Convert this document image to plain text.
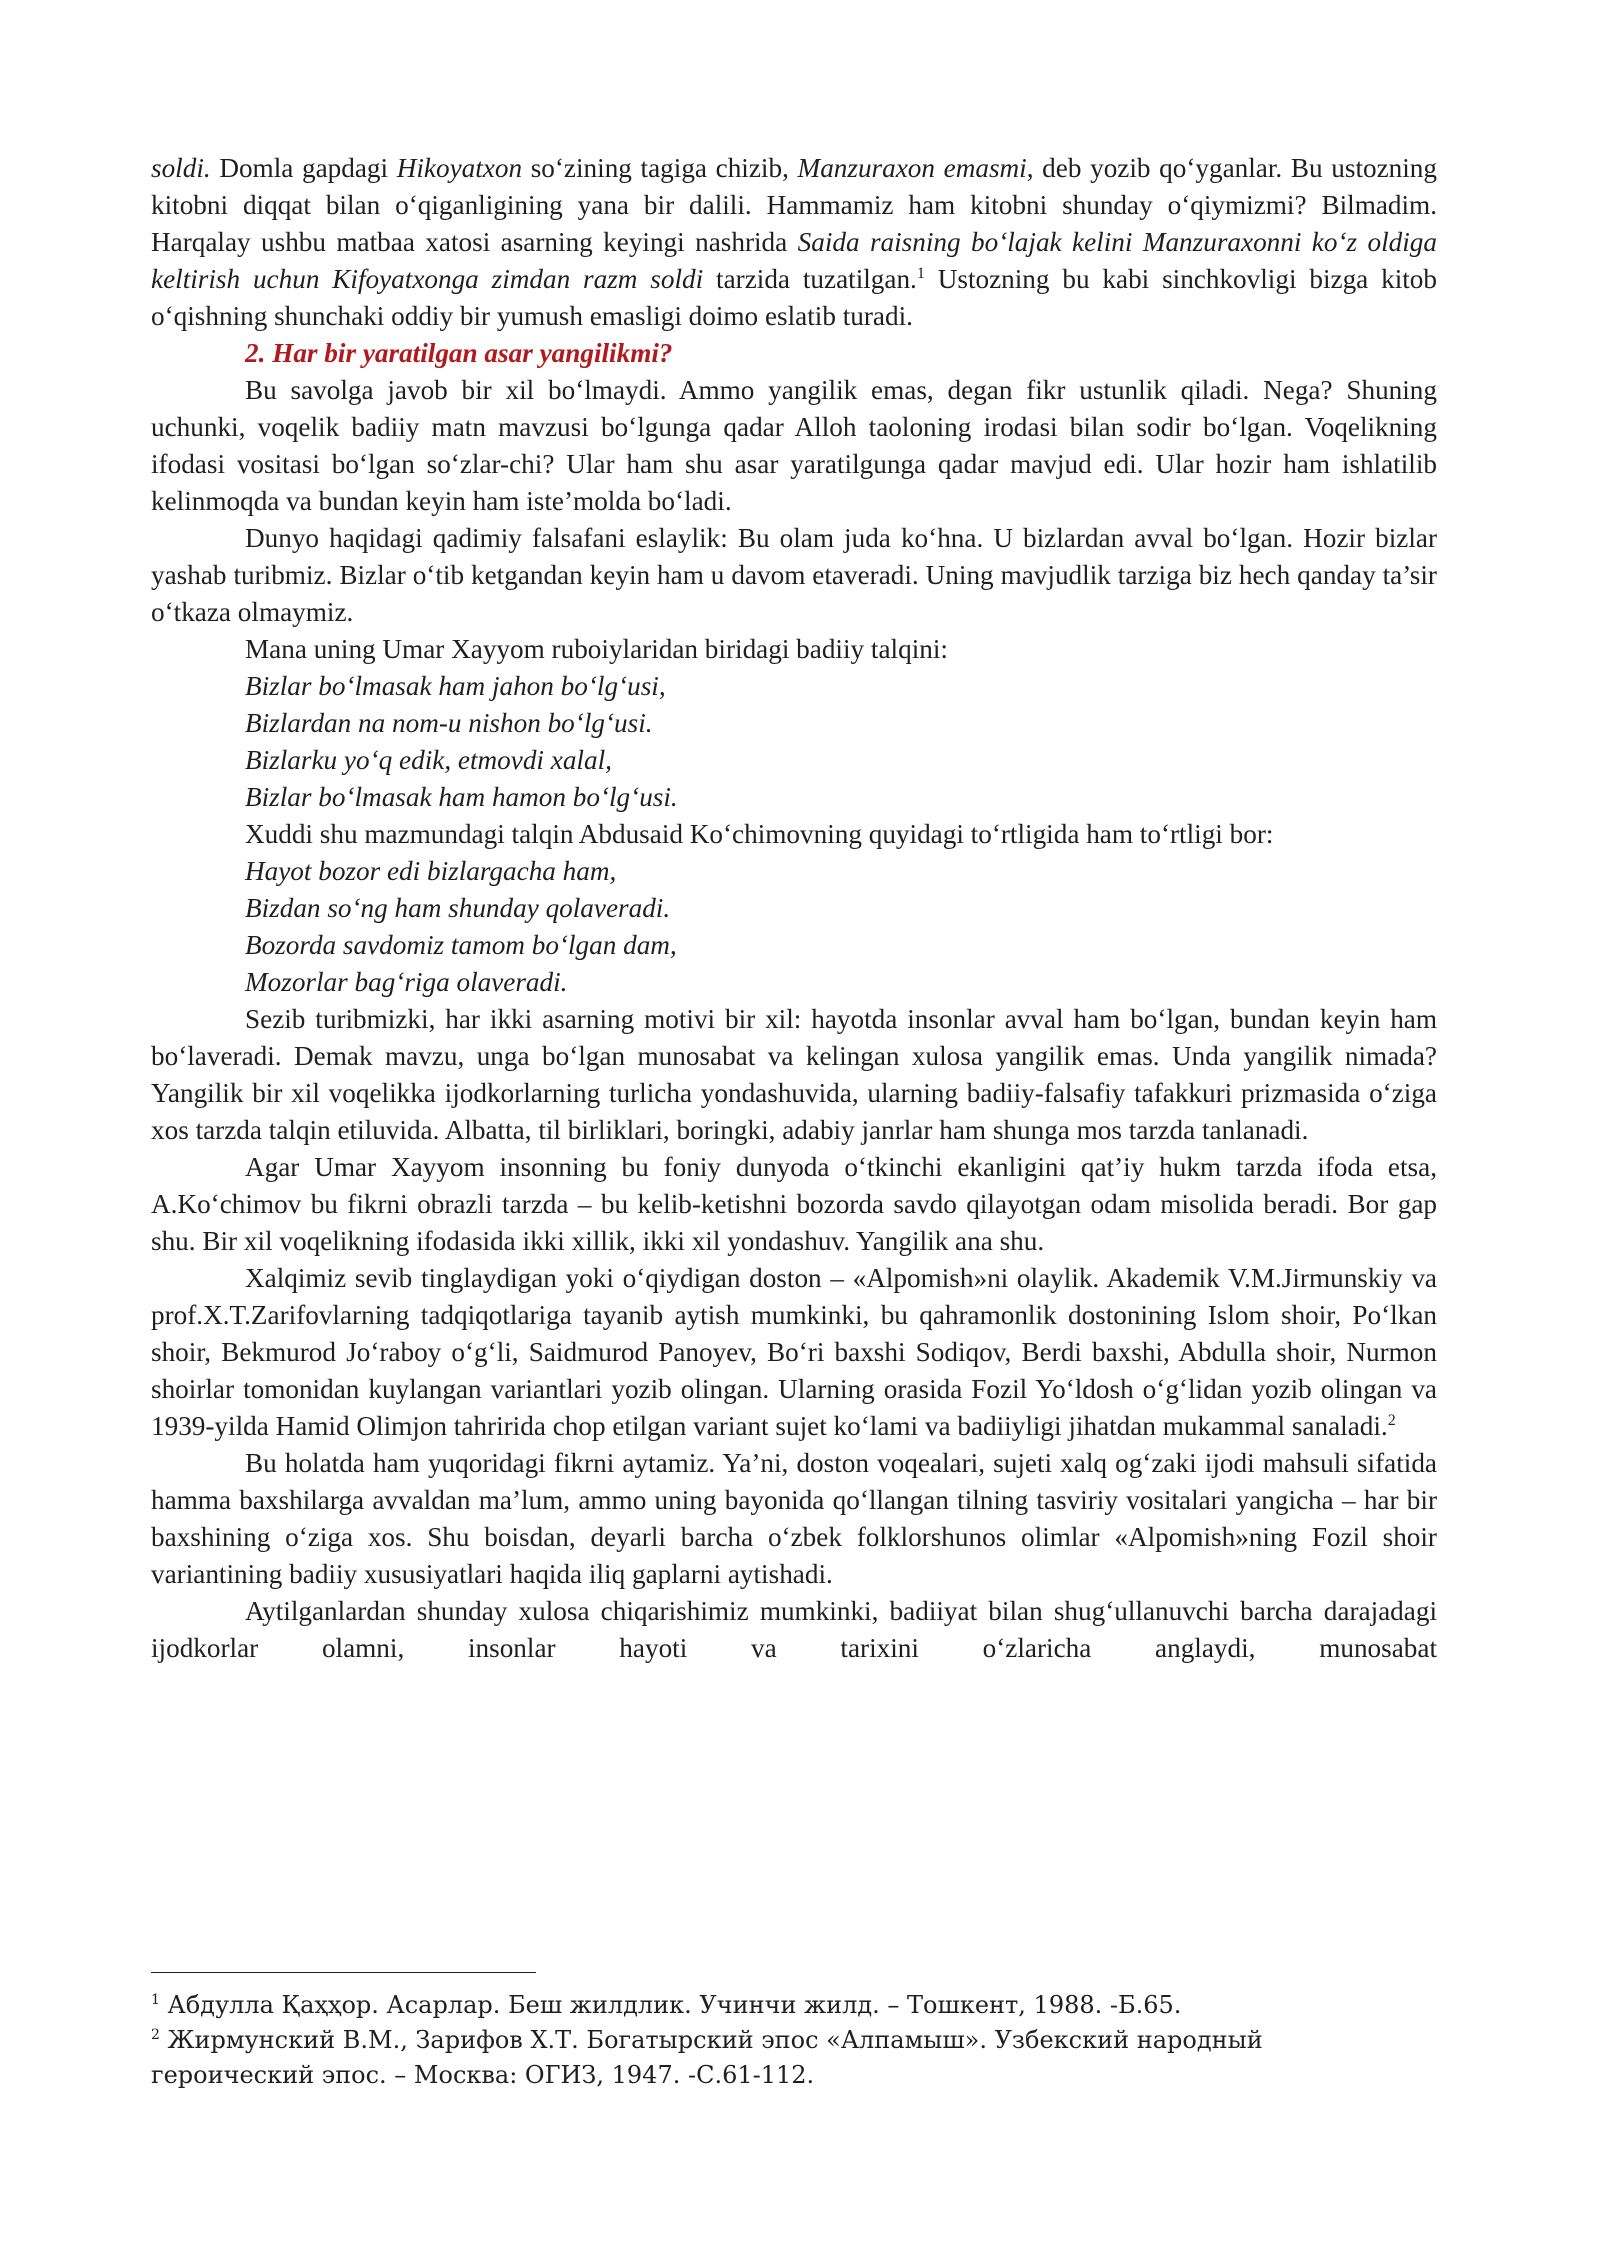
soldi. Domla gapdagi Hikoyatxon so‘zining tagiga chizib, Manzuraxon emasmi, deb yozib qo‘yganlar. Bu ustozning kitobni diqqat bilan o‘qiganligining yana bir dalili. Hammamiz ham kitobni shunday o‘qiymizmi? Bilmadim. Harqalay ushbu matbaa xatosi asarning keyingi nashrida Saida raisning bo‘lajak kelini Manzuraxonni ko‘z oldiga keltirish uchun Kifoyatxonga zimdan razm soldi tarzida tuzatilgan.$^1$ Ustozning bu kabi sinchkovligi bizga kitob o‘qishning shunchaki oddiy bir yumush emasligi doimo eslatib turadi.

2. Har bir yaratilgan asar yangilikmi?

Bu savolga javob bir xil bo‘lmaydi. Ammo yangilik emas, degan fikr ustunlik qiladi. Nega? Shuning uchunki, voqelik badiiy matn mavzusi bo‘lgunga qadar Alloh taoloning irodasi bilan sodir bo‘lgan. Voqelikning ifodasi vositasi bo‘lgan so‘zlar-chi? Ular ham shu asar yaratilgunga qadar mavjud edi. Ular hozir ham ishlatilib kelinmoqda va bundan keyin ham iste’molda bo‘ladi.

Dunyo haqidagi qadimiy falsafani eslaylik: Bu olam juda ko‘hna. U bizlardan avval bo‘lgan. Hozir bizlar yashab turibmiz. Bizlar o‘tib ketgandan keyin ham u davom etaveradi. Uning mavjudlik tarziga biz hech qanday ta’sir o‘tkaza olmaymiz.

Mana uning Umar Xayyom ruboiylaridan biridagi badiiy talqini:

Bizlar bo‘lmasak ham jahon bo‘lg‘usi,
Bizlardan na nom-u nishon bo‘lg‘usi.
Bizlarku yo‘q edik, etmovdi xalal,
Bizlar bo‘lmasak ham hamon bo‘lg‘usi.

Xuddi shu mazmundagi talqin Abdusaid Ko‘chimovning quyidagi to‘rtligida ham to‘rtligi bor:

Hayot bozor edi bizlargacha ham,
Bizdan so‘ng ham shunday qolaveradi.
Bozorda savdomiz tamom bo‘lgan dam,
Mozorlar bag‘riga olaveradi.

Sezib turibmizki, har ikki asarning motivi bir xil: hayotda insonlar avval ham bo‘lgan, bundan keyin ham bo‘laveradi. Demak mavzu, unga bo‘lgan munosabat va kelingan xulosa yangilik emas. Unda yangilik nimada? Yangilik bir xil voqelikka ijodkorlarning turlicha yondashuvida, ularning badiiy-falsafiy tafakkuri prizmasida o‘ziga xos tarzda talqin etiluvida. Albatta, til birliklari, boringki, adabiy janrlar ham shunga mos tarzda tanlanadi.

Agar Umar Xayyom insonning bu foniy dunyoda o‘tkinchi ekanligini qat’iy hukm tarzda ifoda etsa, A.Ko‘chimov bu fikrni obrazli tarzda – bu kelib-ketishni bozorda savdo qilayotgan odam misolida beradi. Bor gap shu. Bir xil voqelikning ifodasida ikki xillik, ikki xil yondashuv. Yangilik ana shu.

Xalqimiz sevib tinglaydigan yoki o‘qiydigan doston – «Alpomish»ni olaylik. Akademik V.M.Jirmunskiy va prof.X.T.Zarifovlarning tadqiqotlariga tayanib aytish mumkinki, bu qahramonlik dostonining Islom shoir, Po‘lkan shoir, Bekmurod Jo‘raboy o‘g‘li, Saidmurod Panoyev, Bo‘ri baxshi Sodiqov, Berdi baxshi, Abdulla shoir, Nurmon shoirlar tomonidan kuylangan variantlari yozib olingan. Ularning orasida Fozil Yo‘ldosh o‘g‘lidan yozib olingan va 1939-yilda Hamid Olimjon tahririda chop etilgan variant sujet ko‘lami va badiiyligi jihatdan mukammal sanaladi.$^2$

Bu holatda ham yuqoridagi fikrni aytamiz. Ya’ni, doston voqealari, sujeti xalq og‘zaki ijodi mahsuli sifatida hamma baxshilarga avvaldan ma’lum, ammo uning bayonida qo‘llangan tilning tasviriy vositalari yangicha – har bir baxshining o‘ziga xos. Shu boisdan, deyarli barcha o‘zbek folklorshunos olimlar «Alpomish»ning Fozil shoir variantining badiiy xususiyatlari haqida iliq gaplarni aytishadi.

Aytilganlardan shunday xulosa chiqarishimiz mumkinki, badiiyat bilan shug‘ullanuvchi barcha darajadagi ijodkorlar olamni, insonlar hayoti va tarixini o‘zlaricha anglaydi, munosabat

$^1$ Абдулла Қаҳҳор. Асарлар. Беш жилдлик. Учинчи жилд. – Тошкент, 1988. -Б.65.

$^2$ Жирмунский В.М., Зарифов Х.Т. Богатырский эпос «Алпамыш». Узбекский народный героический эпос. – Москва: ОГИЗ, 1947. -С.61-112.
